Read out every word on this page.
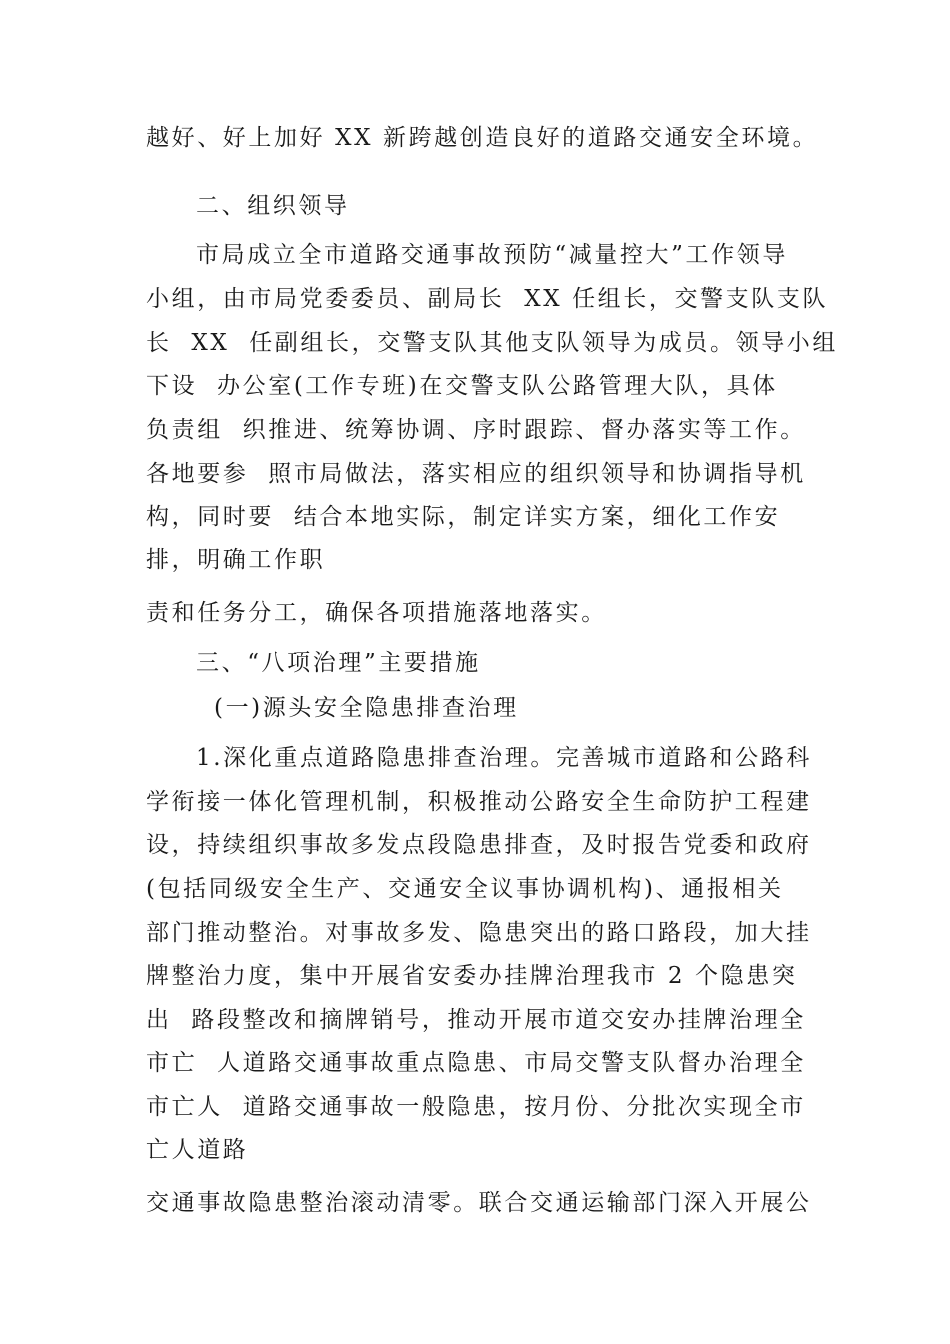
越好、好上加好 XX 新跨越创造良好的道路交通安全环境。
二、组织领导
市局成立全市道路交通事故预防“减量控大”工作领导
小组，由市局党委委员、副局长  XX 任组长，交警支队支队
长  XX  任副组长，交警支队其他支队领导为成员。领导小组
下设  办公室(工作专班)在交警支队公路管理大队，具体
负责组  织推进、统筹协调、序时跟踪、督办落实等工作。
各地要参  照市局做法，落实相应的组织领导和协调指导机
构，同时要  结合本地实际，制定详实方案，细化工作安
排，明确工作职
责和任务分工，确保各项措施落地落实。
三、“八项治理”主要措施
(一)源头安全隐患排查治理
1.深化重点道路隐患排查治理。完善城市道路和公路科
学衔接一体化管理机制，积极推动公路安全生命防护工程建
设，持续组织事故多发点段隐患排查，及时报告党委和政府
(包括同级安全生产、交通安全议事协调机构)、通报相关
部门推动整治。对事故多发、隐患突出的路口路段，加大挂
牌整治力度，集中开展省安委办挂牌治理我市 2 个隐患突
出  路段整改和摘牌销号，推动开展市道交安办挂牌治理全
市亡  人道路交通事故重点隐患、市局交警支队督办治理全
市亡人  道路交通事故一般隐患，按月份、分批次实现全市
亡人道路
交通事故隐患整治滚动清零。联合交通运输部门深入开展公
